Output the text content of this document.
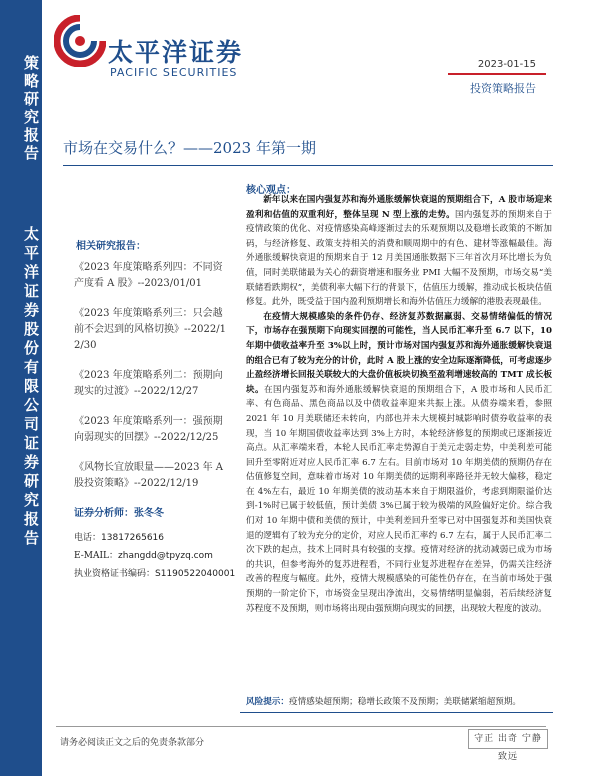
策略研究报告
太平洋证券股份有限公司证券研究报告
太平洋证券
PACIFIC SECURITIES
2023-01-15
投资策略报告
市场在交易什么？——2023 年第一期
相关研究报告：
《2023 年度策略系列四：不同资产度看 A 股》--2023/01/01
《2023 年度策略系列三：只会越前不会迟到的风格切换》--2022/12/30
《2023 年度策略系列二：预期向现实的过渡》--2022/12/27
《2023 年度策略系列一：强预期向弱现实的回摆》--2022/12/25
《风物长宜放眼量——2023 年 A 股投资策略》--2022/12/19
证券分析师：张冬冬
电话：13817265616
E-MAIL：zhangdd@tpyzq.com
执业资格证书编码：S1190522040001
核心观点：

新年以来在国内强复苏和海外通胀缓解快衰退的预期组合下，A 股市场迎来盈利和估值的双重利好，整体呈现 N 型上涨的走势。国内强复苏的预期来自于疫情政策的优化、对疫情感染高峰逐渐过去的乐观预期以及稳增长政策的不断加码，与经济修复、政策支持相关的消费和顺周期中的有色、建材等涨幅最佳。海外通胀缓解快衰退的预期来自于 12 月美国通胀数据下三年首次月环比增长为负值，同时美联储最为关心的薪资增速和服务业 PMI 大幅不及预期，市场交易“美联储看跌期权”，美债利率大幅下行的背景下，估值压力缓解，推动成长板块估值修复。此外，既受益于国内盈利预期增长和海外估值压力缓解的港股表现最佳。

在疫情大规模感染的条件仍存、经济复苏数据羸弱、交易情绪偏低的情况下，市场存在强预期下向现实回摆的可能性，当人民币汇率升至 6.7 以下，10 年期中债收益率升至 3%以上时，预计市场对国内强复苏和海外通胀缓解快衰退的组合已有了较为充分的计价，此时 A 股上涨的安全边际逐渐降低，可考虑逐步止盈经济增长回报关联较大的大盘价值板块切换至盈利增速较高的 TMT 成长板块。在国内强复苏和海外通胀缓解快衰退的预期组合下，A 股市场和人民币汇率、有色商品、黑色商品以及中债收益率迎来共振上涨。从债券端来看，参照 2021 年 10 月美联储还未转向，内部也并未大规模封城影响时债券收益率的表现，当 10 年期国债收益率达到 3%上方时，本轮经济修复的预期或已逐渐接近高点。从汇率端来看，本轮人民币汇率走势源自于美元走弱走势，中美利差可能回升至零附近对应人民币汇率 6.7 左右。目前市场对 10 年期美债的预期仍存在估值修复空间，意味着市场对 10 年期美债的远期利率路径并无较大偏移，稳定在 4%左右，最近 10 年期美债的波动基本来自于期限溢价，考虑到期限溢价达到-1%时已属于较低值，预计美债 3%已属于较为极端的风险偏好定价。综合我们对 10 年期中债和美债的预计，中美利差回升至零已对中国强复苏和美国快衰退的逻辑有了较为充分的定价，对应人民币汇率约 6.7 左右，属于人民币汇率二次下跌的起点，技术上同时具有较强的支撑。疫情对经济的扰动减弱已成为市场的共识，但参考海外的复苏进程看，不同行业复苏进程存在差异，仍需关注经济改善的程度与幅度。此外，疫情大规模感染的可能性仍存在，在当前市场处于强预期的一阶定价下，市场资金呈现出净流出，交易情绪明显偏弱，若后续经济复苏程度不及预期，则市场将出现由强预期向现实的回摆，出现较大程度的波动。

风险提示：疫情感染超预期；稳增长政策不及预期；美联储紧缩超预期。
请务必阅读正文之后的免责条款部分	守正 出奇 宁静 致远
